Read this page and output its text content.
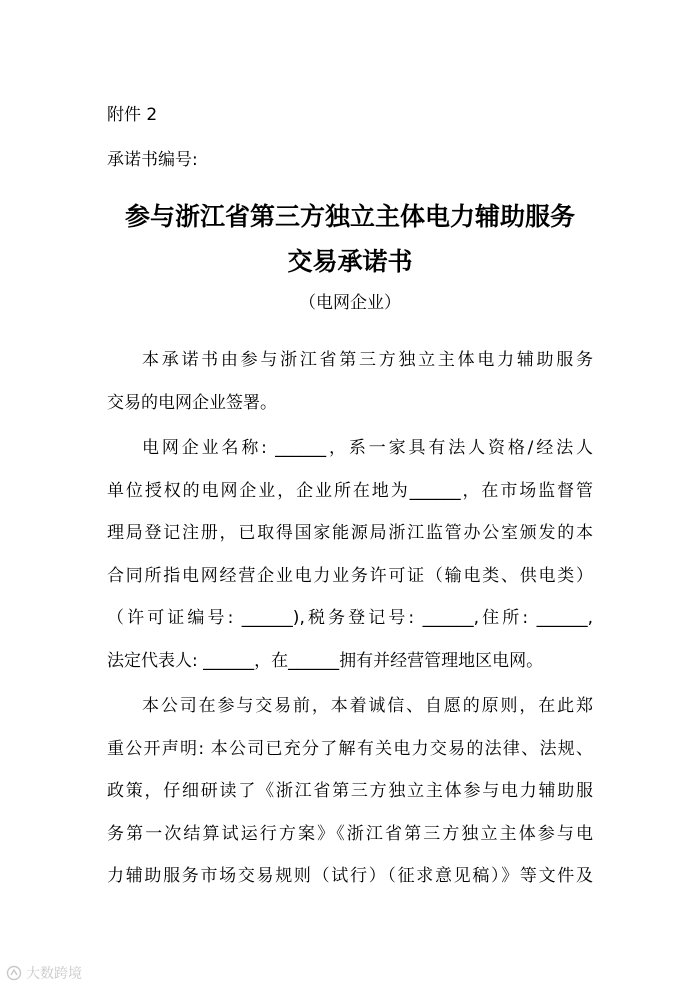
附件 2
承诺书编号:
参与浙江省第三方独立主体电力辅助服务
交易承诺书
（电网企业）
本承诺书由参与浙江省第三方独立主体电力辅助服务
交易的电网企业签署。
电网企业名称: ______，系一家具有法人资格/经法人
单位授权的电网企业，企业所在地为______，在市场监督管
理局登记注册，已取得国家能源局浙江监管办公室颁发的本
合同所指电网经营企业电力业务许可证（输电类、供电类）
（许可证编号: ______),税务登记号: ______,住所: ______,
法定代表人: ______，在______拥有并经营管理地区电网。
本公司在参与交易前，本着诚信、自愿的原则，在此郑
重公开声明: 本公司已充分了解有关电力交易的法律、法规、
政策，仔细研读了《浙江省第三方独立主体参与电力辅助服
务第一次结算试运行方案》《浙江省第三方独立主体参与电
力辅助服务市场交易规则（试行）（征求意见稿）》等文件及
大数跨境
